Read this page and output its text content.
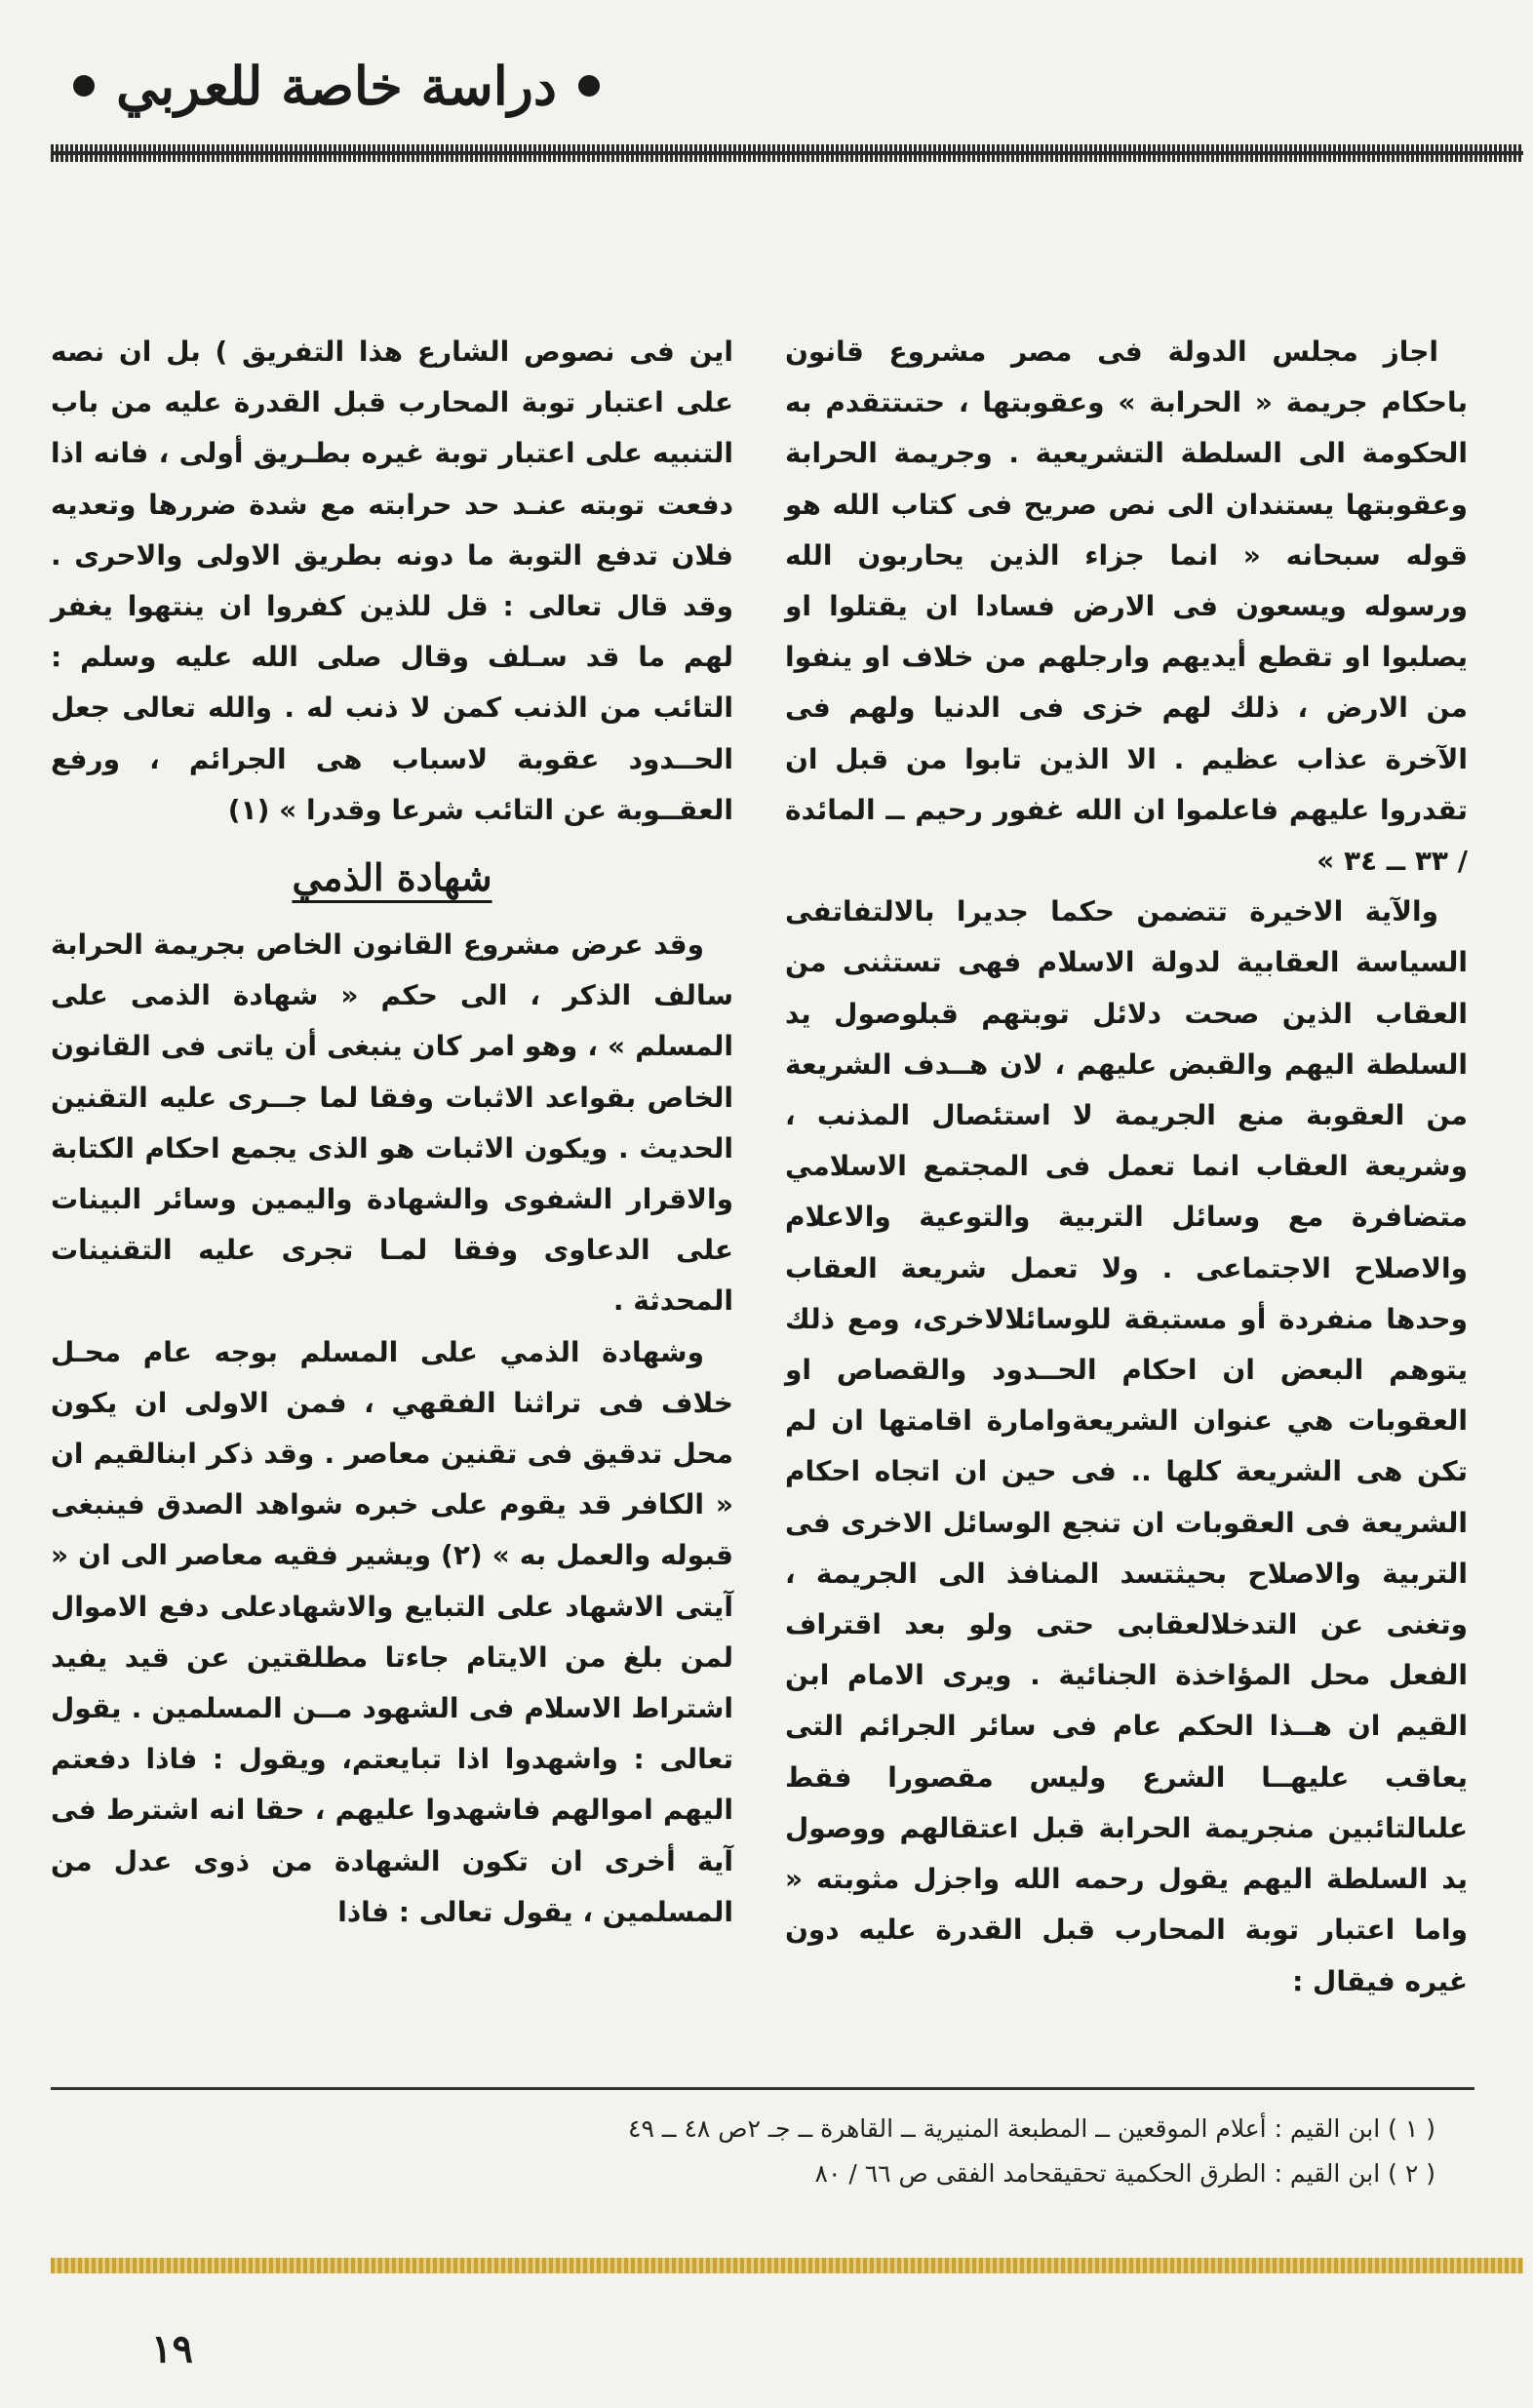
دراسة خاصة للعربي

اجاز مجلس الدولة فى مصر مشروع قانون باحكام جريمة « الحرابة » وعقوبتها ، حتىتتقدم به الحكومة الى السلطة التشريعية . وجريمة الحرابة وعقوبتها يستندان الى نص صريح فى كتاب الله هو قوله سبحانه « انما جزاء الذين يحاربون الله ورسوله ويسعون فى الارض فسادا ان يقتلوا او يصلبوا او تقطع أيديهم وارجلهم من خلاف او ينفوا من الارض ، ذلك لهم خزى فى الدنيا ولهم فى الآخرة عذاب عظيم . الا الذين تابوا من قبل ان تقدروا عليهم فاعلموا ان الله غفور رحيم ــ المائدة / ٣٣ ــ ٣٤ »

والآية الاخيرة تتضمن حكما جديرا بالالتفاتفى السياسة العقابية لدولة الاسلام فهى تستثنى من العقاب الذين صحت دلائل توبتهم قبلوصول يد السلطة اليهم والقبض عليهم ، لان هــدف الشريعة من العقوبة منع الجريمة لا استئصال المذنب ، وشريعة العقاب انما تعمل فى المجتمع الاسلامي متضافرة مع وسائل التربية والتوعية والاعلام والاصلاح الاجتماعى . ولا تعمل شريعة العقاب وحدها منفردة أو مستبقة للوسائلالاخرى، ومع ذلك يتوهم البعض ان احكام الحــدود والقصاص او العقوبات هي عنوان الشريعةوامارة اقامتها ان لم تكن هى الشريعة كلها .. فى حين ان اتجاه احكام الشريعة فى العقوبات ان تنجع الوسائل الاخرى فى التربية والاصلاح بحيثتسد المنافذ الى الجريمة ، وتغنى عن التدخلالعقابى حتى ولو بعد اقتراف الفعل محل المؤاخذة الجنائية . ويرى الامام ابن القيم ان هــذا الحكم عام فى سائر الجرائم التى يعاقب عليهــا الشرع وليس مقصورا فقط علىالتائبين منجريمة الحرابة قبل اعتقالهم ووصول يد السلطة اليهم يقول رحمه الله واجزل مثوبته « واما اعتبار توبة المحارب قبل القدرة عليه دون غيره فيقال :

اين فى نصوص الشارع هذا التفريق ) بل ان نصه على اعتبار توبة المحارب قبل القدرة عليه من باب التنبيه على اعتبار توبة غيره بطـريق أولى ، فانه اذا دفعت توبته عنـد حد حرابته مع شدة ضررها وتعديه فلان تدفع التوبة ما دونه بطريق الاولى والاحرى . وقد قال تعالى : قل للذين كفروا ان ينتهوا يغفر لهم ما قد سـلف وقال صلى الله عليه وسلم : التائب من الذنب كمن لا ذنب له . والله تعالى جعل الحــدود عقوبة لاسباب هى الجرائم ، ورفع العقــوبة عن التائب شرعا وقدرا » (١)

شهادة الذمي

وقد عرض مشروع القانون الخاص بجريمة الحرابة سالف الذكر ، الى حكم « شهادة الذمى على المسلم » ، وهو امر كان ينبغى أن ياتى فى القانون الخاص بقواعد الاثبات وفقا لما جــرى عليه التقنين الحديث . ويكون الاثبات هو الذى يجمع احكام الكتابة والاقرار الشفوى والشهادة واليمين وسائر البينات على الدعاوى وفقا لمـا تجرى عليه التقنينات المحدثة .

وشهادة الذمي على المسلم بوجه عام محـل خلاف فى تراثنا الفقهي ، فمن الاولى ان يكون محل تدقيق فى تقنين معاصر . وقد ذكر ابنالقيم ان « الكافر قد يقوم على خبره شواهد الصدق فينبغى قبوله والعمل به » (٢) ويشير فقيه معاصر الى ان « آيتى الاشهاد على التبايع والاشهادعلى دفع الاموال لمن بلغ من الايتام جاءتا مطلقتين عن قيد يفيد اشتراط الاسلام فى الشهود مــن المسلمين . يقول تعالى : واشهدوا اذا تبايعتم، ويقول : فاذا دفعتم اليهم اموالهم فاشهدوا عليهم ، حقا انه اشترط فى آية أخرى ان تكون الشهادة من ذوى عدل من المسلمين ، يقول تعالى : فاذا

( ١ ) ابن القيم : أعلام الموقعين ــ المطبعة المنيرية ــ القاهرة ــ جـ ٢ص ٤٨ ــ ٤٩
( ٢ ) ابن القيم : الطرق الحكمية تحقيقحامد الفقى ص ٦٦ / ٨٠
١٩
